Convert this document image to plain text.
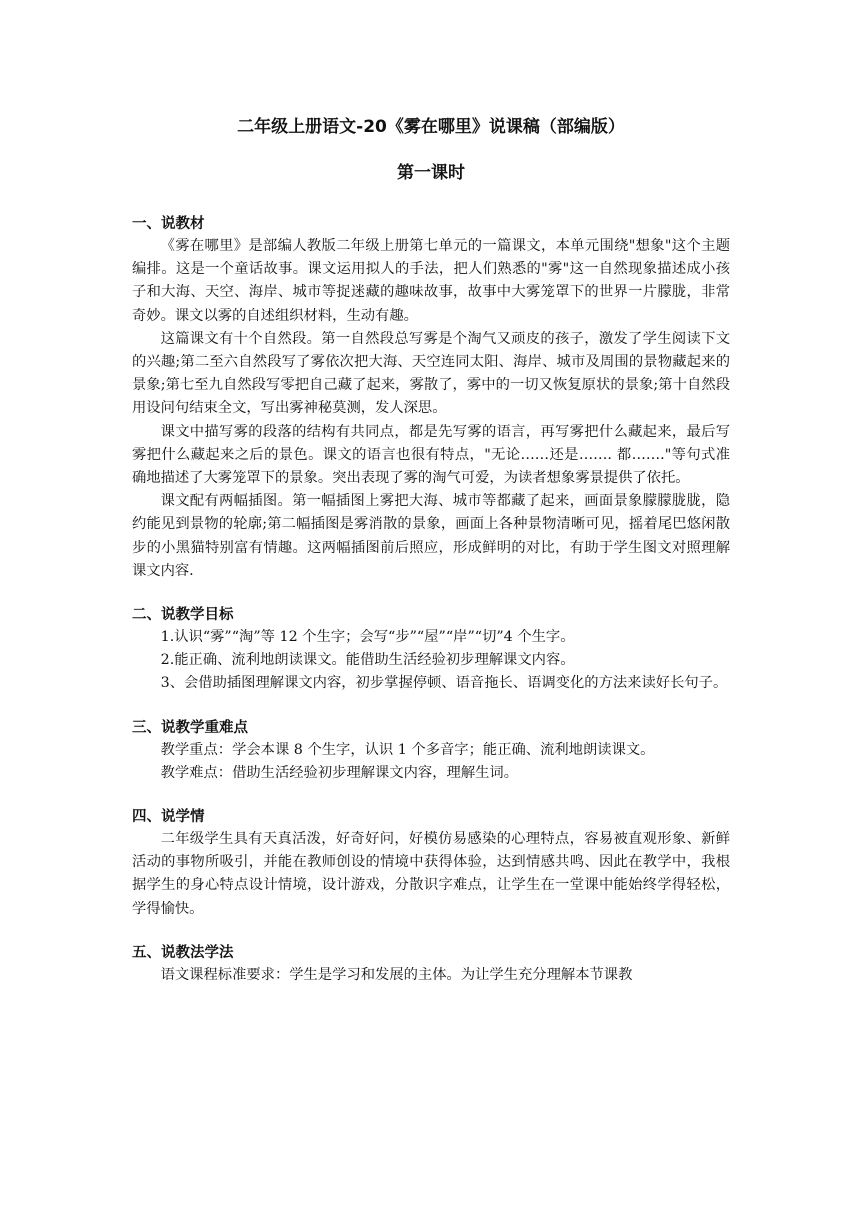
二年级上册语文-20《雾在哪里》说课稿（部编版）
第一课时
一、说教材

《雾在哪里》是部编人教版二年级上册第七单元的一篇课文，本单元围绕"想象"这个主题编排。这是一个童话故事。课文运用拟人的手法，把人们熟悉的"雾"这一自然现象描述成小孩子和大海、天空、海岸、城市等捉迷藏的趣味故事，故事中大雾笼罩下的世界一片朦胧，非常奇妙。课文以雾的自述组织材料，生动有趣。

这篇课文有十个自然段。第一自然段总写雾是个淘气又顽皮的孩子，激发了学生阅读下文的兴趣;第二至六自然段写了雾依次把大海、天空连同太阳、海岸、城市及周围的景物藏起来的景象;第七至九自然段写零把自己藏了起来，雾散了，雾中的一切又恢复原状的景象;第十自然段用设问句结束全文，写出雾神秘莫测，发人深思。

课文中描写雾的段落的结构有共同点，都是先写雾的语言，再写雾把什么藏起来，最后写雾把什么藏起来之后的景色。课文的语言也很有特点，"无论……还是……. 都……."等句式准确地描述了大雾笼罩下的景象。突出表现了雾的淘气可爱，为读者想象雾景提供了依托。

课文配有两幅插图。第一幅插图上雾把大海、城市等都藏了起来，画面景象朦朦胧胧，隐约能见到景物的轮廓;第二幅插图是雾消散的景象，画面上各种景物清晰可见，摇着尾巴悠闲散步的小黑猫特别富有情趣。这两幅插图前后照应，形成鲜明的对比，有助于学生图文对照理解课文内容.

二、说教学目标

1.认识“雾”“淘”等 12 个生字；会写“步”“屋”“岸”“切”4 个生字。

2.能正确、流利地朗读课文。能借助生活经验初步理解课文内容。

3、会借助插图理解课文内容，初步掌握停顿、语音拖长、语调变化的方法来读好长句子。

三、说教学重难点

教学重点：学会本课 8 个生字，认识 1 个多音字；能正确、流利地朗读课文。

教学难点：借助生活经验初步理解课文内容，理解生词。

四、说学情

二年级学生具有天真活泼，好奇好问，好模仿易感染的心理特点，容易被直观形象、新鲜活动的事物所吸引，并能在教师创设的情境中获得体验，达到情感共鸣、因此在教学中，我根据学生的身心特点设计情境，设计游戏，分散识字难点，让学生在一堂课中能始终学得轻松，学得愉快。

五、说教法学法

语文课程标准要求：学生是学习和发展的主体。为让学生充分理解本节课教
